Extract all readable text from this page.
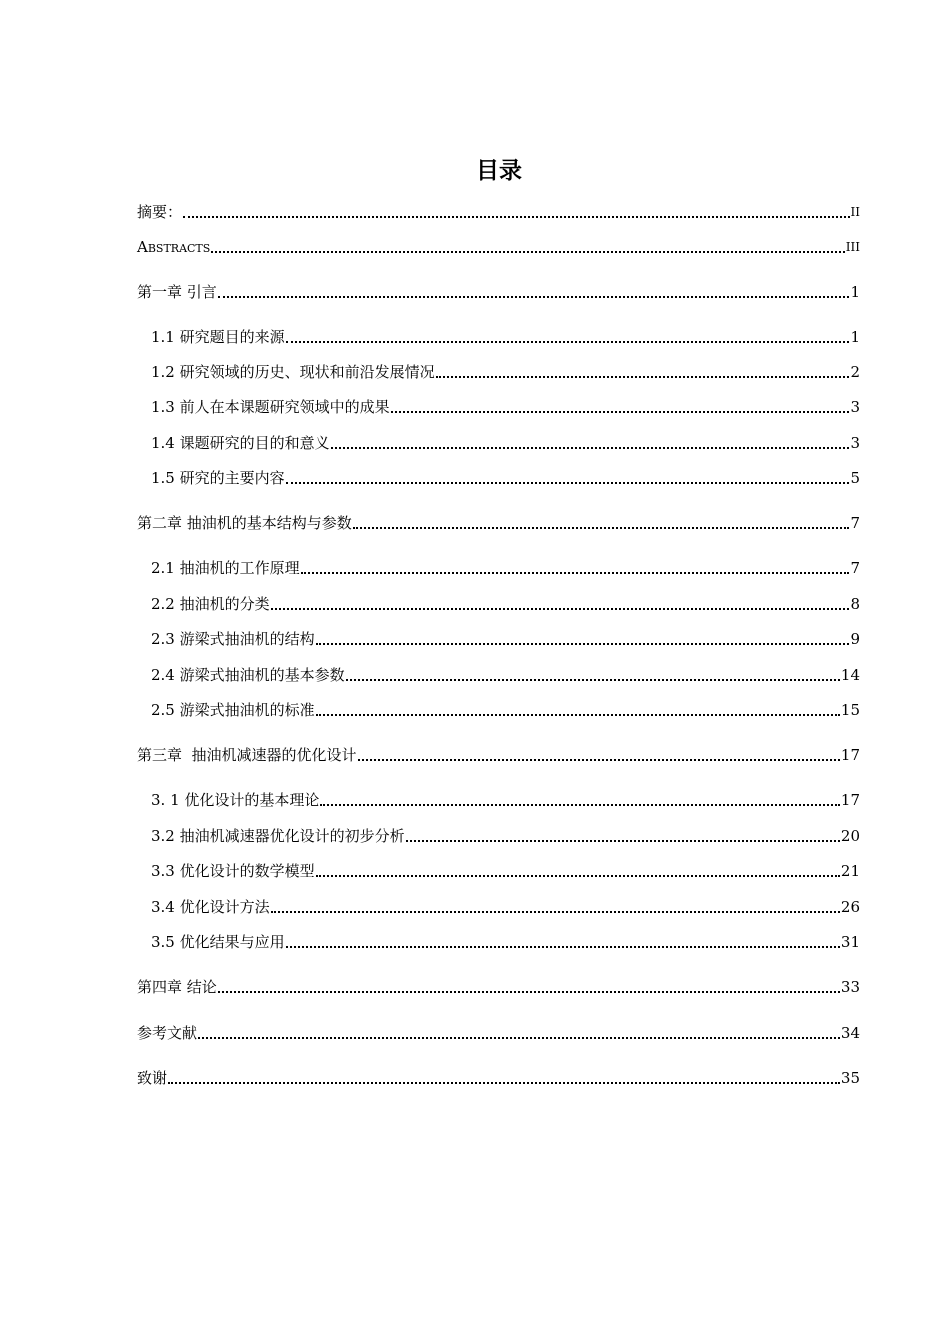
目录
摘要：	II
Abstracts	III
第一章 引言	1
1.1 研究题目的来源	1
1.2 研究领域的历史、现状和前沿发展情况	2
1.3 前人在本课题研究领域中的成果	3
1.4 课题研究的目的和意义	3
1.5 研究的主要内容	5
第二章 抽油机的基本结构与参数	7
2.1 抽油机的工作原理	7
2.2 抽油机的分类	8
2.3 游梁式抽油机的结构	9
2.4 游梁式抽油机的基本参数	14
2.5 游梁式抽油机的标准	15
第三章  抽油机减速器的优化设计	17
3. 1 优化设计的基本理论	17
3.2 抽油机减速器优化设计的初步分析	20
3.3 优化设计的数学模型	21
3.4 优化设计方法	26
3.5 优化结果与应用	31
第四章 结论	33
参考文献	34
致谢	35
